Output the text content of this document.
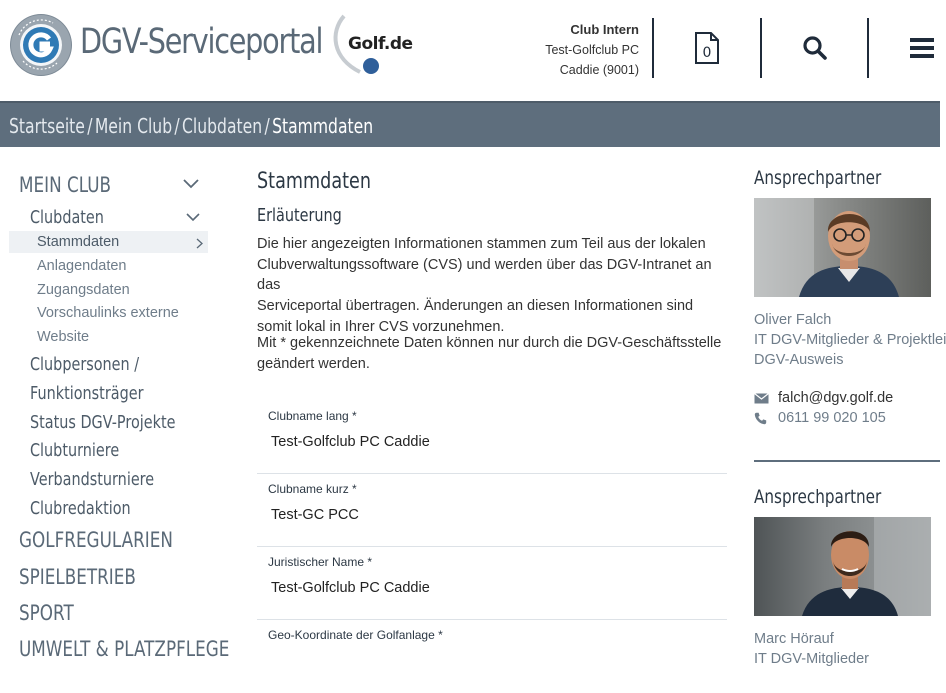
DGV-Serviceportal Golf.de
Club Intern
Test-Golfclub PC
Caddie (9001)
0
Startseite / Mein Club / Clubdaten / Stammdaten
MEIN CLUB
Clubdaten
Stammdaten
Anlagendaten
Zugangsdaten
Vorschaulinks externe
Website
Clubpersonen /
Funktionsträger
Status DGV-Projekte
Clubturniere
Verbandsturniere
Clubredaktion
GOLFREGULARIEN
SPIELBETRIEB
SPORT
UMWELT & PLATZPFLEGE
Stammdaten
Erläuterung
Die hier angezeigten Informationen stammen zum Teil aus der lokalen
Clubverwaltungssoftware (CVS) und werden über das DGV-Intranet an das
Serviceportal übertragen. Änderungen an diesen Informationen sind
somit lokal in Ihrer CVS vorzunehmen.
Mit * gekennzeichnete Daten können nur durch die DGV-Geschäftsstelle
geändert werden.
Clubname lang *
Test-Golfclub PC Caddie
Clubname kurz *
Test-GC PCC
Juristischer Name *
Test-Golfclub PC Caddie
Geo-Koordinate der Golfanlage *
Ansprechpartner
Oliver Falch
IT DGV-Mitglieder & Projektlei
DGV-Ausweis
falch@dgv.golf.de
0611 99 020 105
Ansprechpartner
Marc Hörauf
IT DGV-Mitglieder
